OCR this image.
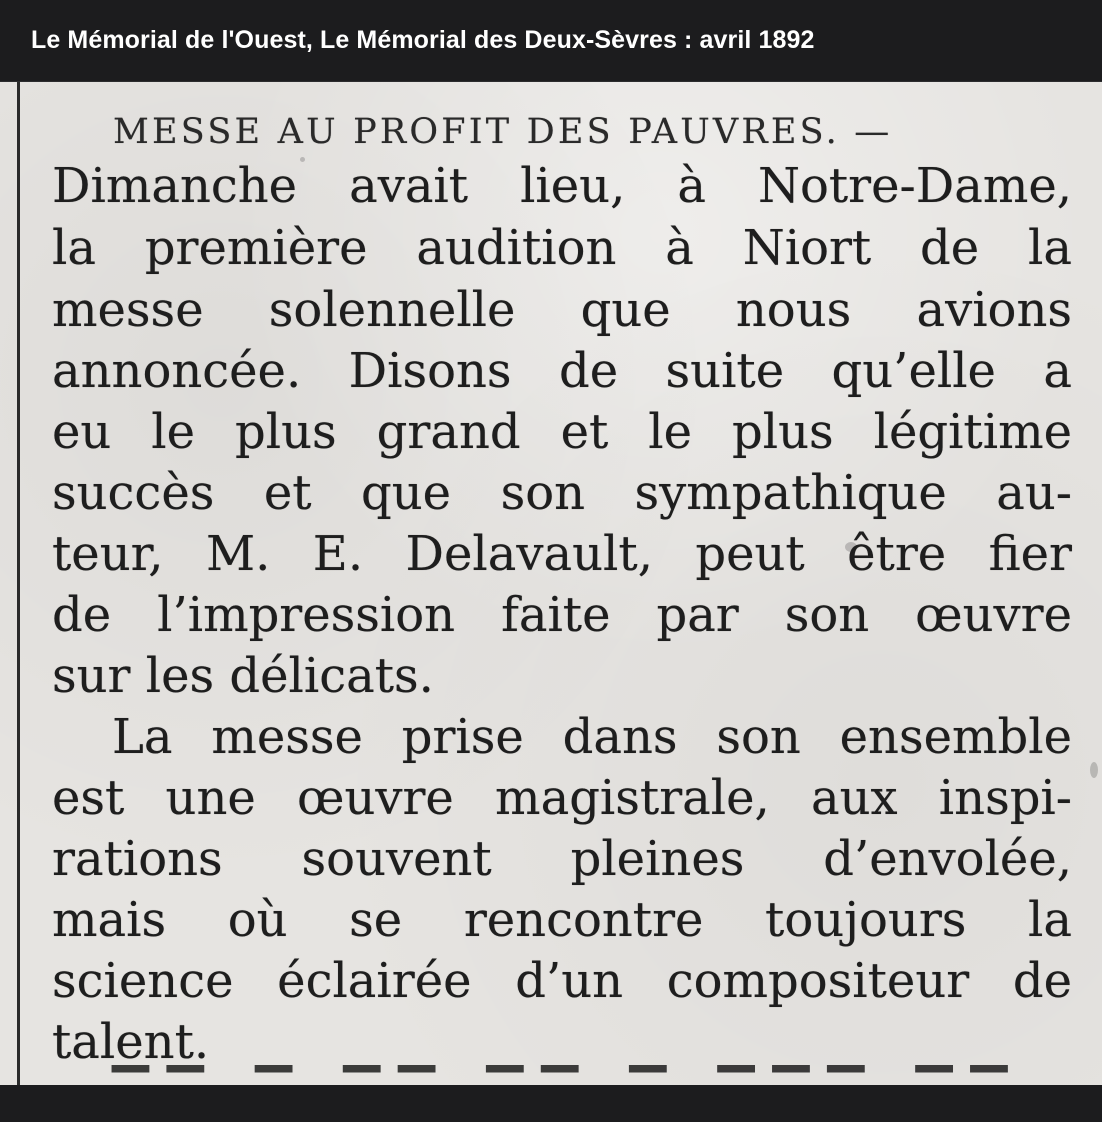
Le Mémorial de l'Ouest, Le Mémorial des Deux-Sèvres : avril 1892
MESSE AU PROFIT DES PAUVRES. —
Dimanche avait lieu, à Notre-Dame,
la première audition à Niort de la
messe solennelle que nous avions
annoncée. Disons de suite qu’elle a
eu le plus grand et le plus légitime
succès et que son sympathique au-
teur, M. E. Delavault, peut être fier
de l’impression faite par son œuvre
sur les délicats.
La messe prise dans son ensemble
est une œuvre magistrale, aux inspi-
rations souvent pleines d’envolée,
mais où se rencontre toujours la
science éclairée d’un compositeur de
talent.
▔▔ ▔ ▔▔ ▔▔ ▔ ▔▔▔ ▔▔
